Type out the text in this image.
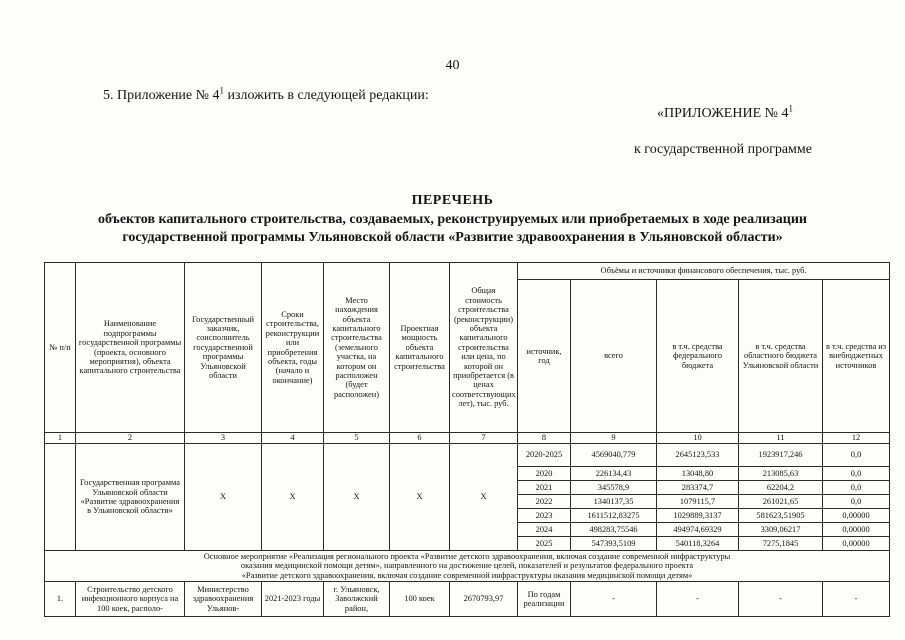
40
5. Приложение № $4^1$ изложить в следующей редакции:
«ПРИЛОЖЕНИЕ № $4^1$
к государственной программе
ПЕРЕЧЕНЬ
объектов капитального строительства, создаваемых, реконструируемых или приобретаемых в ходе реализации
государственной программы Ульяновской области «Развитие здравоохранения в Ульяновской области»
№ п/п	Наименование подпрограммы государственной программы (проекта, основного мероприятия), объекта капитального строительства	Государственный заказчик, соисполнитель государственной программы Ульяновской области	Сроки строительства, реконструкции или приобретения объекта, годы (начало и окончание)	Место нахождения объекта капитального строительства (земельного участка, на котором он расположен (будет расположен)	Проектная мощность объекта капитального строительства	Общая стоимость строительства (реконструкции) объекта капитального строительства или цена, по которой он приобретается (в ценах соответствующих лет), тыс. руб.	Объёмы и источники финансового обеспечения, тыс. руб.				
							источник, год	всего	в т.ч. средства федерального бюджета	в т.ч. средства областного бюджета Ульяновской области	в т.ч. средства из внебюджетных источников
1	2	3	4	5	6	7	8	9	10	11	12
	Государственная программа Ульяновской области «Развитие здравоохранения в Ульяновской области»	Х	Х	Х	Х	Х	2020-2025	4569040,779	2645123,533	1923917,246	0,0
							2020	226134,43	13048,80	213085,63	0,0
							2021	345578,9	283374,7	62204,2	0,0
							2022	1340137,35	1079115,7	261021,65	0,0
							2023	1611512,83275	1029889,3137	581623,51905	0,00000
							2024	498283,75546	494974,69329	3309,06217	0,00000
							2025	547393,5109	540118,3264	7275,1845	0,00000

Основное мероприятие «Реализация регионального проекта «Развитие детского здравоохранения, включая создание современной инфраструктуры
оказания медицинской помощи детям», направленного на достижение целей, показателей и результатов федерального проекта
«Развитие детского здравоохранения, включая создание современной инфраструктуры оказания медицинской помощи детям»											

1.	Строительство детского инфекционного корпуса на 100 коек, располо-	Министерство здравоохранения Ульянов-	2021-2023 годы	г. Ульяновск, Заволжский район,	100 коек	2670793,97	По годам реализации	-	-	-	-
